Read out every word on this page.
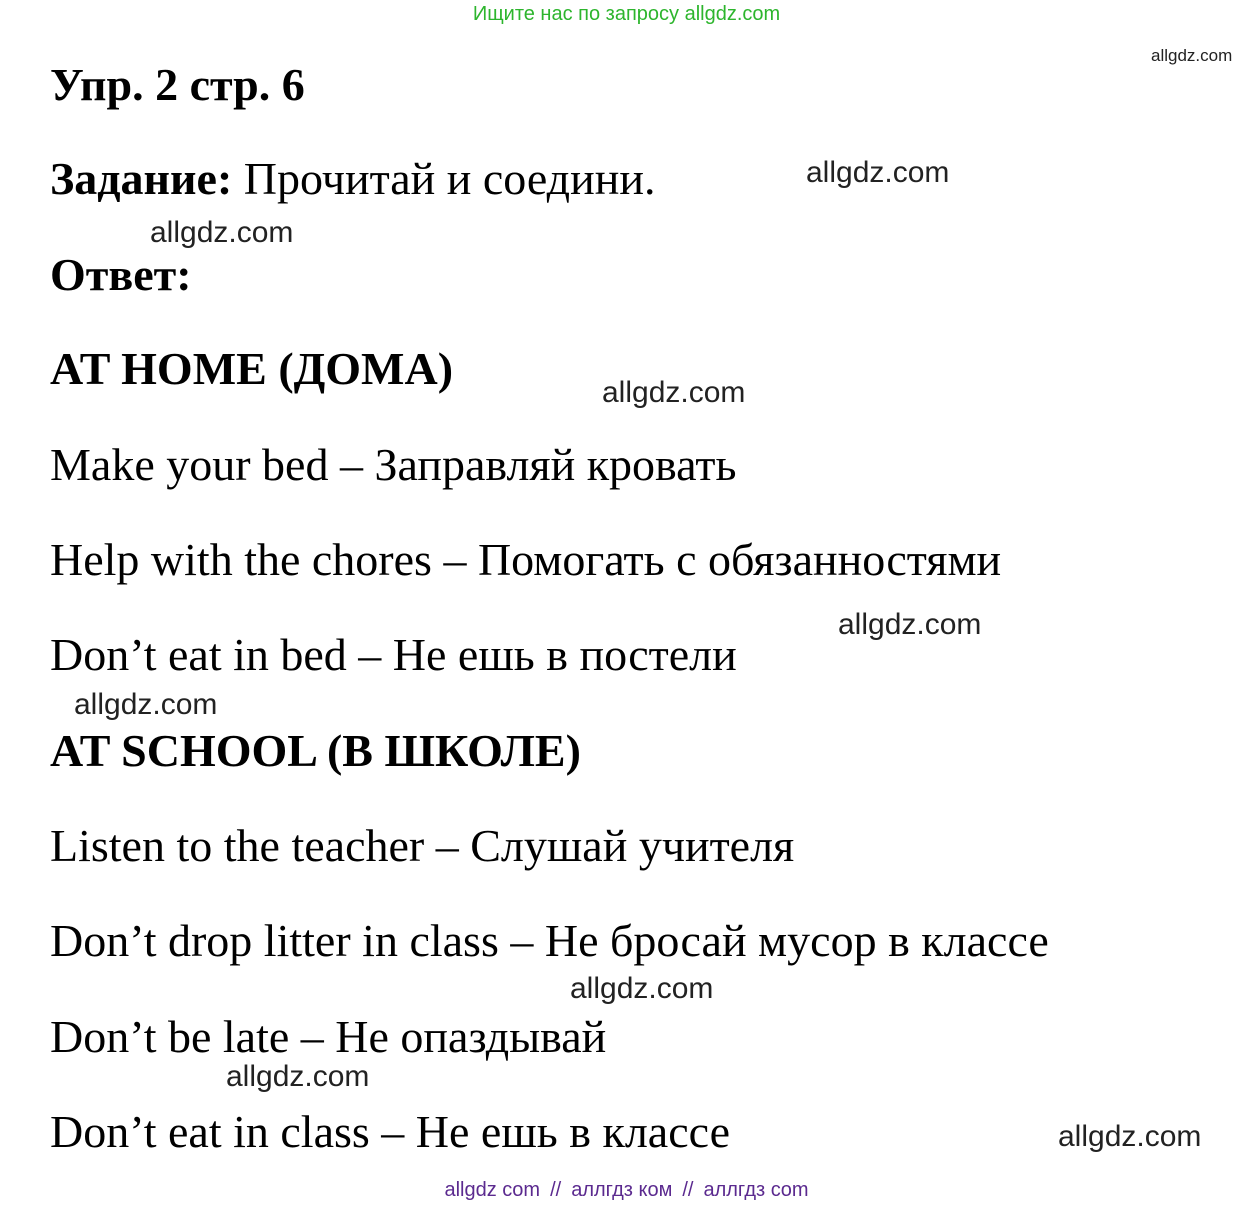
Ищите нас по запросу allgdz.com
allgdz.com
allgdz.com
allgdz.com
allgdz.com
allgdz.com
allgdz.com
allgdz.com
allgdz.com
allgdz.com
Упр. 2 стр. 6
Задание: Прочитай и соедини.
Ответ:
AT HOME (ДОМА)
Make your bed – Заправляй кровать
Help with the chores – Помогать с обязанностями
Don’t eat in bed – Не ешь в постели
AT SCHOOL (В ШКОЛЕ)
Listen to the teacher – Слушай учителя
Don’t drop litter in class – Не бросай мусор в классе
Don’t be late – Не опаздывай
Don’t eat in class – Не ешь в классе
allgdz com // аллгдз ком // аллгдз com
